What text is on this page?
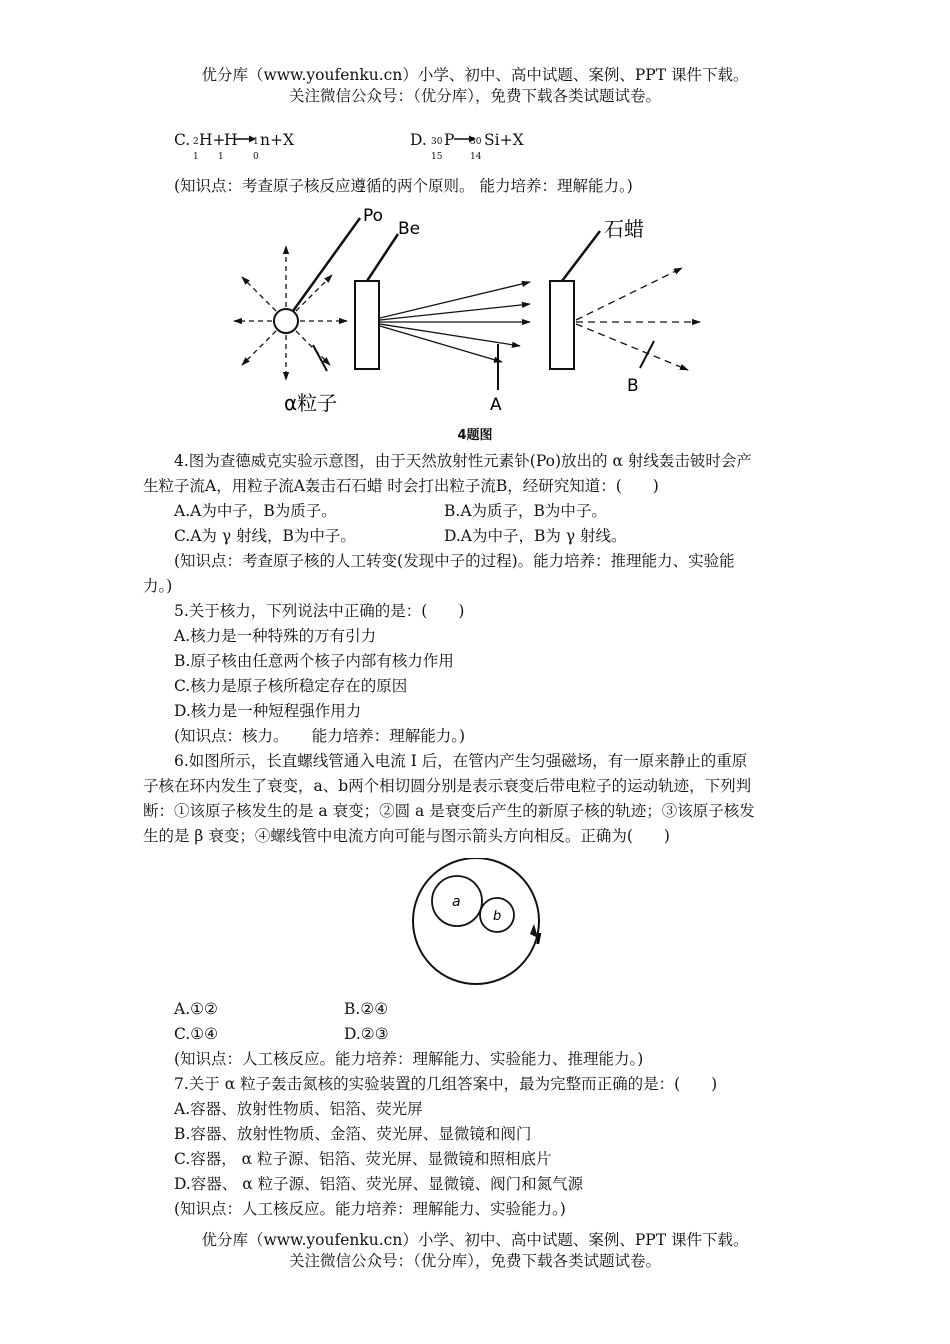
优分库（www.youfenku.cn）小学、初中、高中试题、案例、PPT 课件下载。
关注微信公众号：（优分库），免费下载各类试题试卷。
C. 2
1
H+
1
H 1
0
n+X	D. 30
15
P →
30
14
Si+X
(知识点：考查原子核反应遵循的两个原则。 能力培养：理解能力。)
Po
Be	石蜡
α粒子	A
B
4题图
4.图为查德威克实验示意图，由于天然放射性元素钋(Po)放出的 α 射线轰击铍时会产
生粒子流A，用粒子流A轰击石石蜡 时会打出粒子流B，经研究知道：(　　)
A.A为中子，B为质子。	B.A为质子，B为中子。
C.A为 γ 射线，B为中子。	D.A为中子，B为 γ 射线。
(知识点：考查原子核的人工转变(发现中子的过程)。能力培养：推理能力、实验能
力。)
5.关于核力，下列说法中正确的是：(　　)
A.核力是一种特殊的万有引力
B.原子核由任意两个核子内部有核力作用
C.核力是原子核所稳定存在的原因
D.核力是一种短程强作用力
(知识点：核力。　　能力培养：理解能力。)
6.如图所示，长直螺线管通入电流 I 后，在管内产生匀强磁场，有一原来静止的重原
子核在环内发生了衰变，a、b两个相切圆分别是表示衰变后带电粒子的运动轨迹，下列判
断：①该原子核发生的是 a 衰变；②圆 a 是衰变后产生的新原子核的轨迹；③该原子核发
生的是 β 衰变；④螺线管中电流方向可能与图示箭头方向相反。正确为(　　)
a
b
I
A.①②	B.②④
C.①④	D.②③
(知识点：人工核反应。能力培养：理解能力、实验能力、推理能力。)
7.关于 α 粒子轰击氮核的实验装置的几组答案中，最为完整而正确的是：(　　)
A.容器、放射性物质、铝箔、荧光屏
B.容器、放射性物质、金箔、荧光屏、显微镜和阀门
C.容器， α 粒子源、铝箔、荧光屏、显微镜和照相底片
D.容器、 α 粒子源、铝箔、荧光屏、显微镜、阀门和氮气源
(知识点：人工核反应。能力培养：理解能力、实验能力。)
优分库（www.youfenku.cn）小学、初中、高中试题、案例、PPT 课件下载。
关注微信公众号：（优分库），免费下载各类试题试卷。
